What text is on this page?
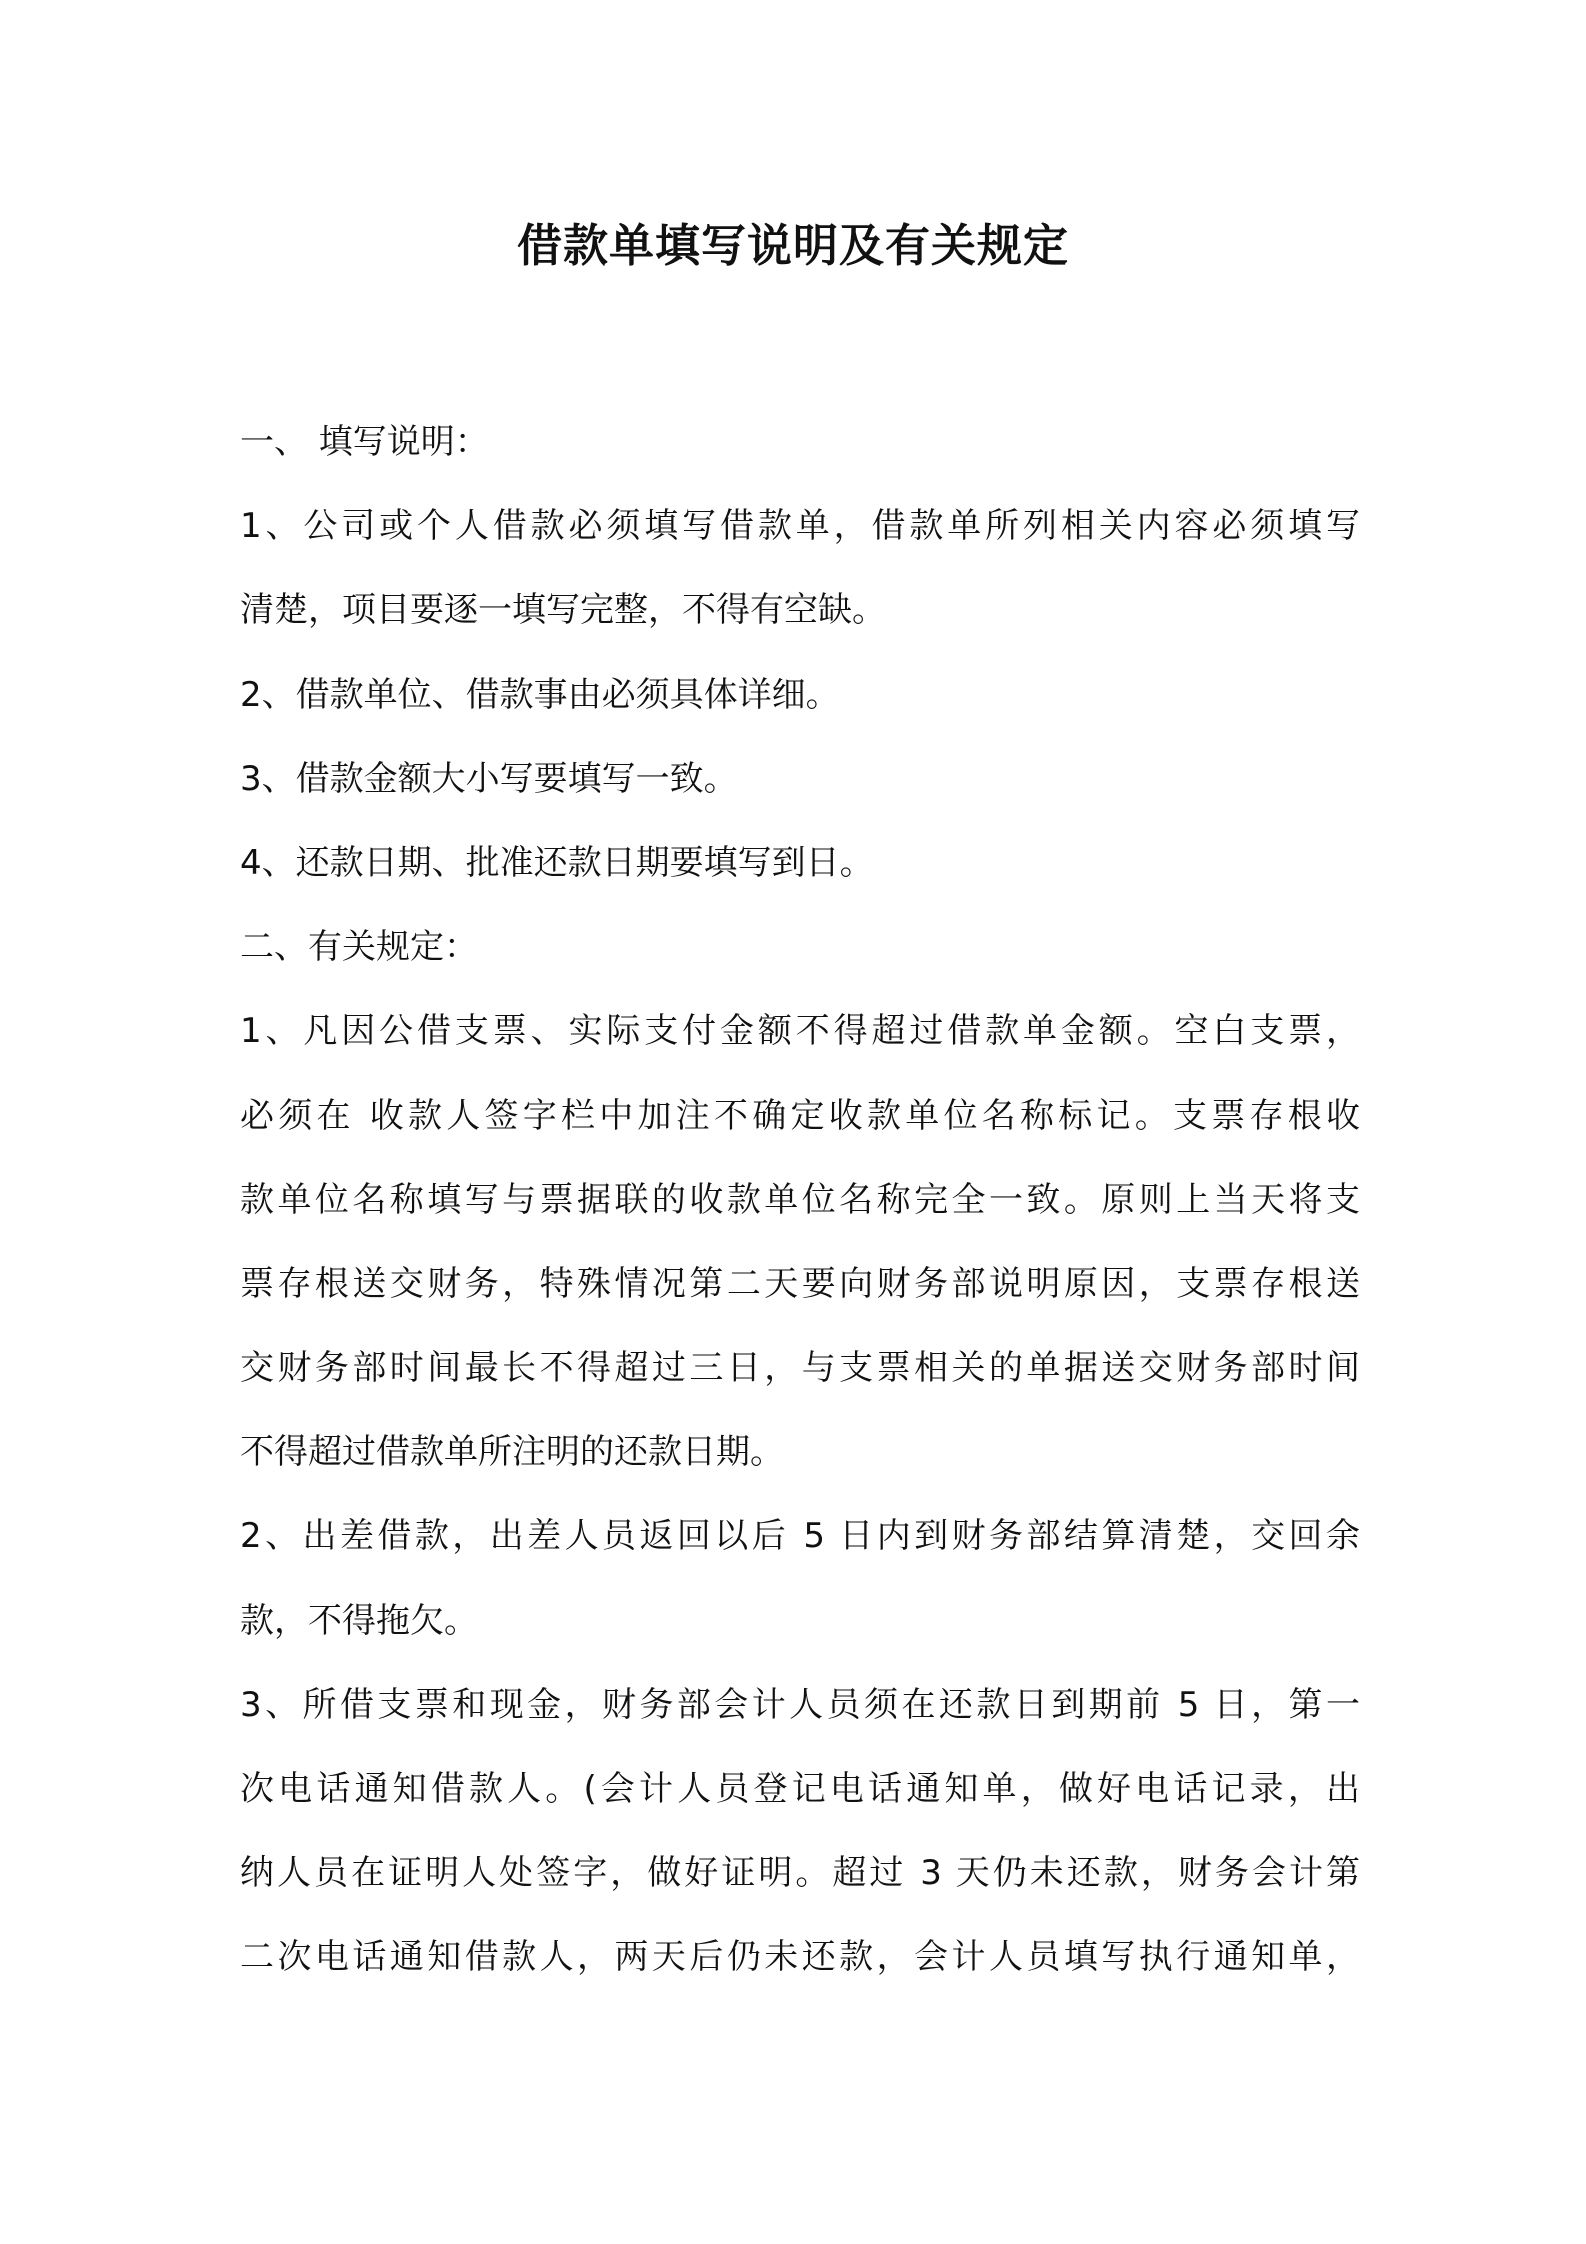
借款单填写说明及有关规定
一、 填写说明：
1、公司或个人借款必须填写借款单，借款单所列相关内容必须填写
清楚，项目要逐一填写完整，不得有空缺。
2、借款单位、借款事由必须具体详细。
3、借款金额大小写要填写一致。
4、还款日期、批准还款日期要填写到日。
二、有关规定：
1、凡因公借支票、实际支付金额不得超过借款单金额。空白支票，
必须在 收款人签字栏中加注不确定收款单位名称标记。支票存根收
款单位名称填写与票据联的收款单位名称完全一致。原则上当天将支
票存根送交财务，特殊情况第二天要向财务部说明原因，支票存根送
交财务部时间最长不得超过三日，与支票相关的单据送交财务部时间
不得超过借款单所注明的还款日期。
2、出差借款，出差人员返回以后 5 日内到财务部结算清楚，交回余
款，不得拖欠。
3、所借支票和现金，财务部会计人员须在还款日到期前 5 日，第一
次电话通知借款人。(会计人员登记电话通知单，做好电话记录，出
纳人员在证明人处签字，做好证明。超过 3 天仍未还款，财务会计第
二次电话通知借款人，两天后仍未还款，会计人员填写执行通知单，
